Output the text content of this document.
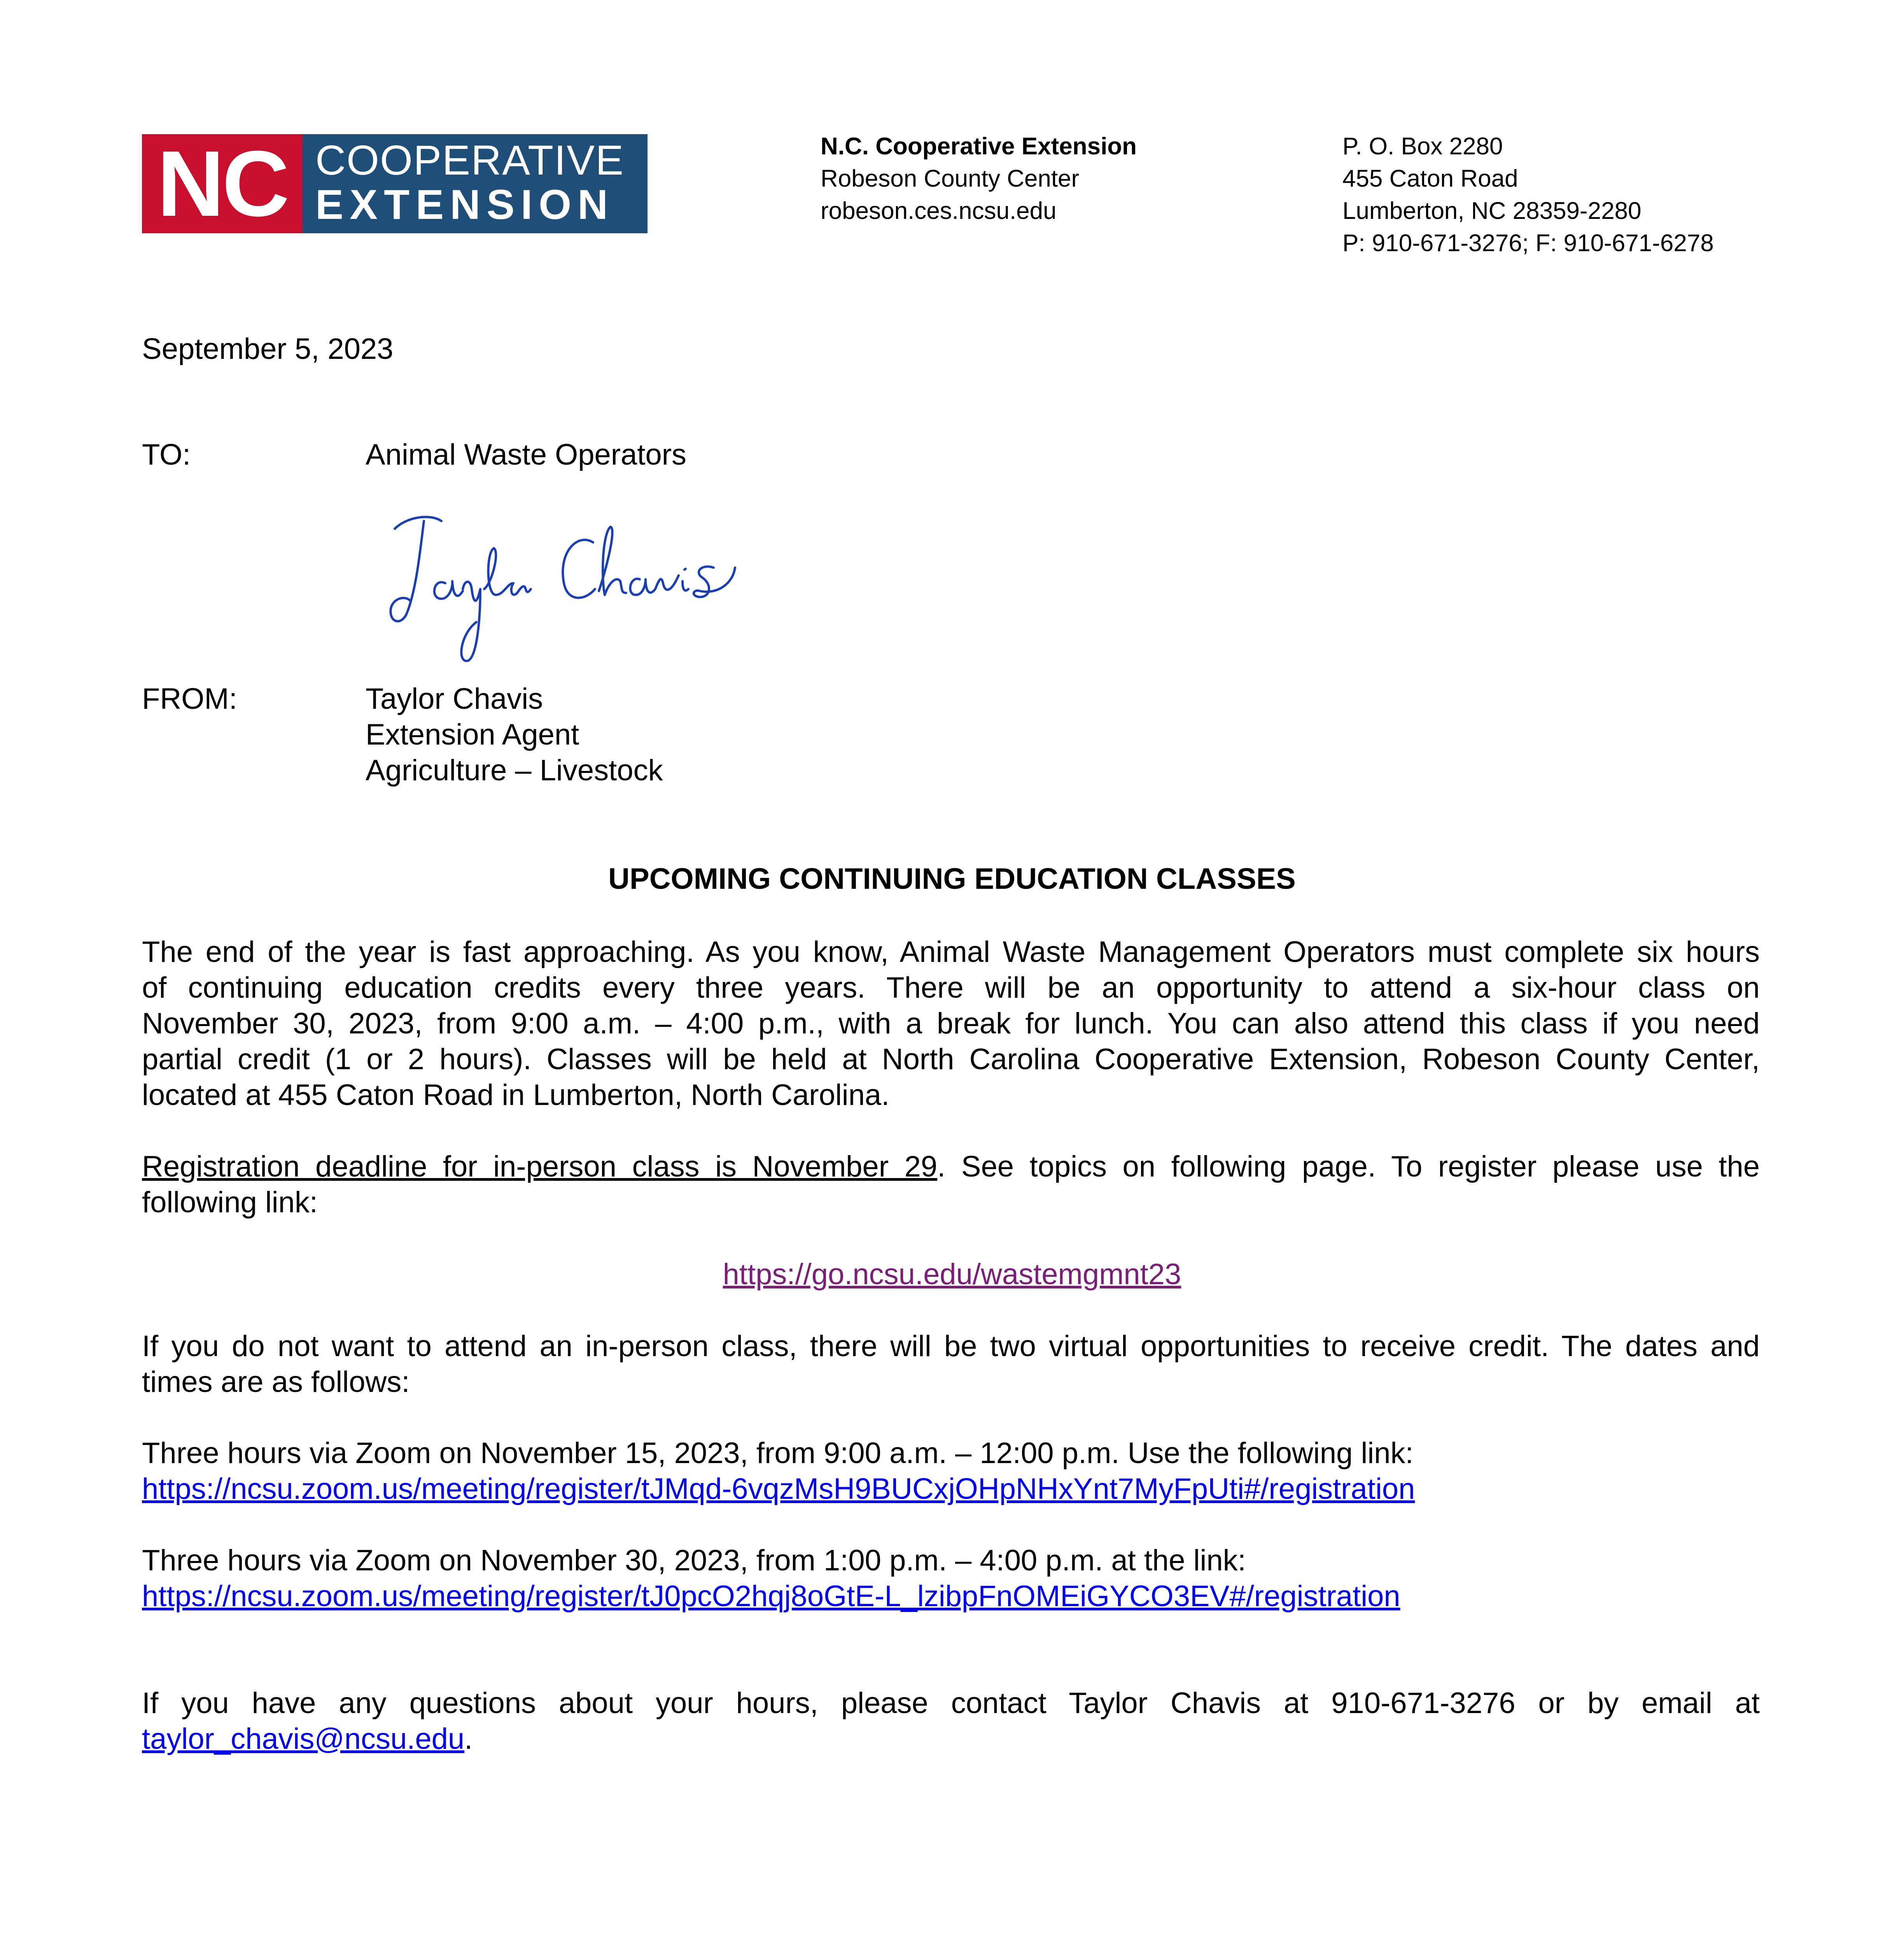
NC COOPERATIVE
EXTENSION
N.C. Cooperative Extension
Robeson County Center
robeson.ces.ncsu.edu
P. O. Box 2280
455 Caton Road
Lumberton, NC 28359-2280
P: 910-671-3276; F: 910-671-6278
September 5, 2023
TO:	Animal Waste Operators
FROM:	Taylor Chavis
Extension Agent
Agriculture – Livestock
UPCOMING CONTINUING EDUCATION CLASSES
The end of the year is fast approaching. As you know, Animal Waste Management Operators must complete six hours
of continuing education credits every three years. There will be an opportunity to attend a six-hour class on
November 30, 2023, from 9:00 a.m. – 4:00 p.m., with a break for lunch. You can also attend this class if you need
partial credit (1 or 2 hours). Classes will be held at North Carolina Cooperative Extension, Robeson County Center,
located at 455 Caton Road in Lumberton, North Carolina.
Registration deadline for in-person class is November 29. See topics on following page. To register please use the
following link:
https://go.ncsu.edu/wastemgmnt23
If you do not want to attend an in-person class, there will be two virtual opportunities to receive credit. The dates and
times are as follows:
Three hours via Zoom on November 15, 2023, from 9:00 a.m. – 12:00 p.m. Use the following link:
https://ncsu.zoom.us/meeting/register/tJMqd-6vqzMsH9BUCxjOHpNHxYnt7MyFpUti#/registration
Three hours via Zoom on November 30, 2023, from 1:00 p.m. – 4:00 p.m. at the link:
https://ncsu.zoom.us/meeting/register/tJ0pcO2hqj8oGtE-L_lzibpFnOMEiGYCO3EV#/registration
If you have any questions about your hours, please contact Taylor Chavis at 910-671-3276 or by email at
taylor_chavis@ncsu.edu.
